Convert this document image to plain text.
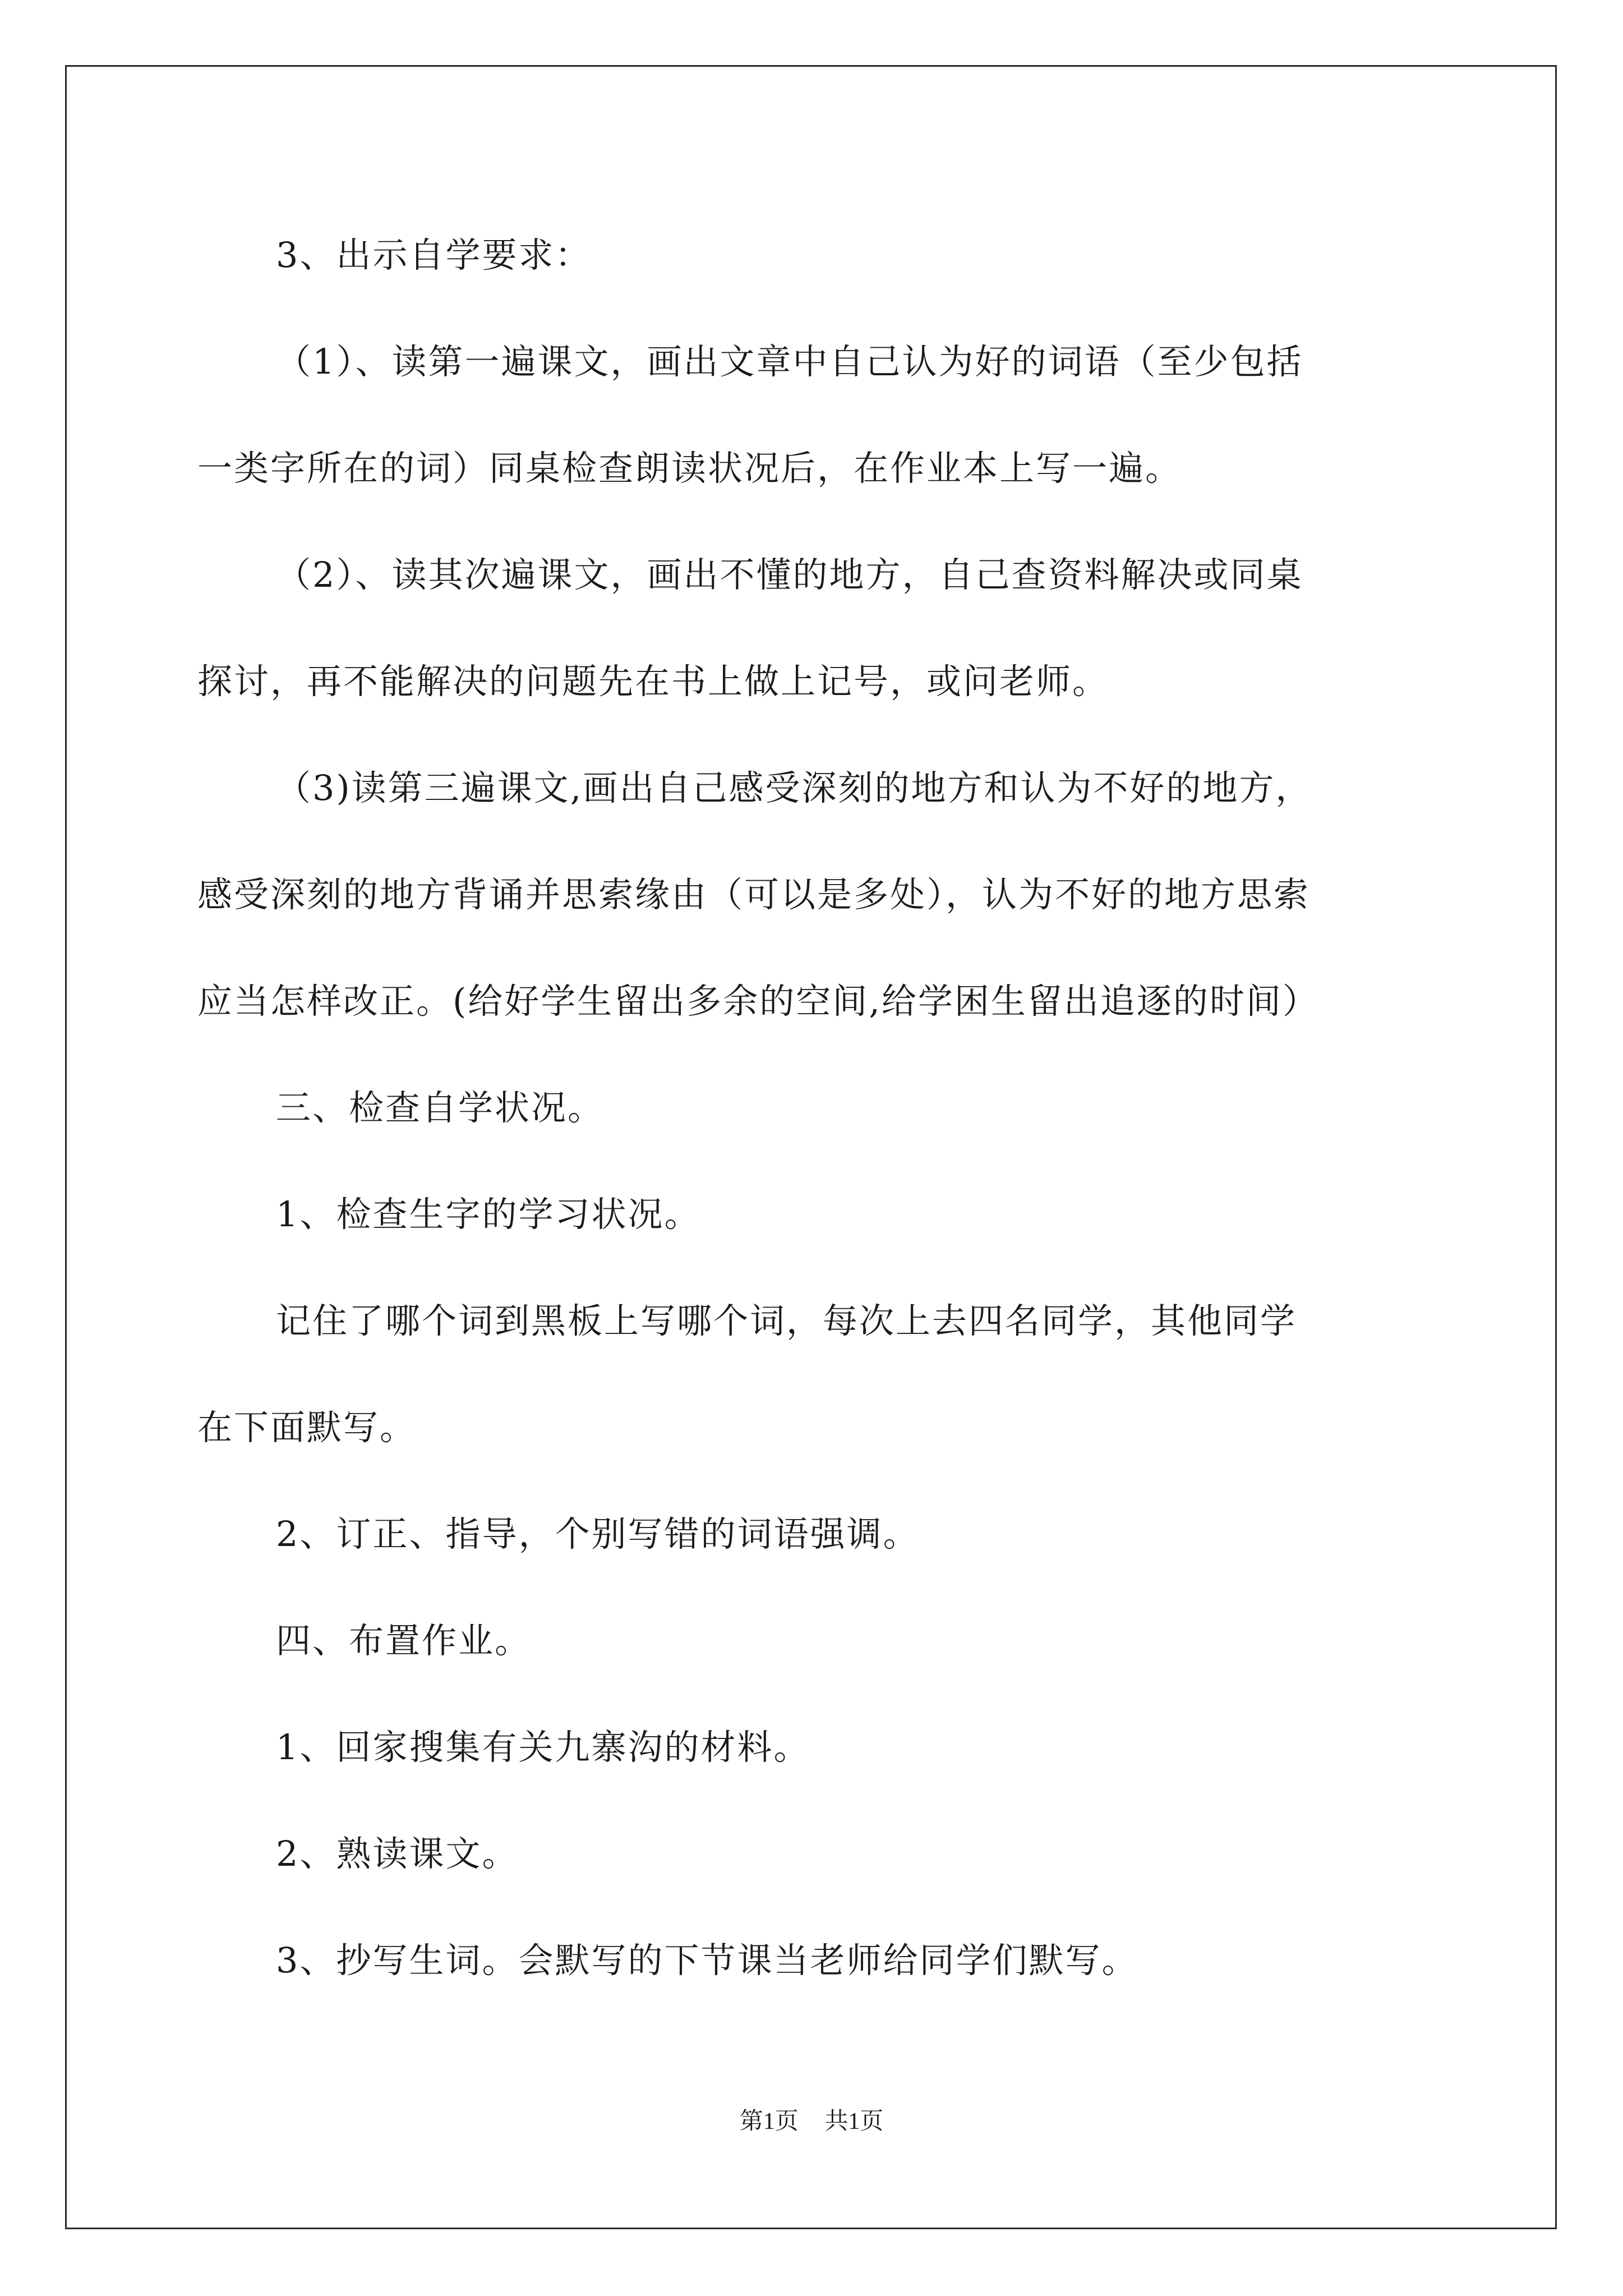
3、出示自学要求：

（1）、读第一遍课文，画出文章中自己认为好的词语（至少包括

一类字所在的词）同桌检查朗读状况后，在作业本上写一遍。

（2）、读其次遍课文，画出不懂的地方，自己查资料解决或同桌

探讨，再不能解决的问题先在书上做上记号，或问老师。

（3)读第三遍课文,画出自己感受深刻的地方和认为不好的地方，

感受深刻的地方背诵并思索缘由（可以是多处），认为不好的地方思索

应当怎样改正。(给好学生留出多余的空间,给学困生留出追逐的时间）

三、检查自学状况。

1、检查生字的学习状况。

记住了哪个词到黑板上写哪个词，每次上去四名同学，其他同学

在下面默写。

2、订正、指导，个别写错的词语强调。

四、布置作业。

1、回家搜集有关九寨沟的材料。

2、熟读课文。

3、抄写生词。会默写的下节课当老师给同学们默写。

第1页 共1页
